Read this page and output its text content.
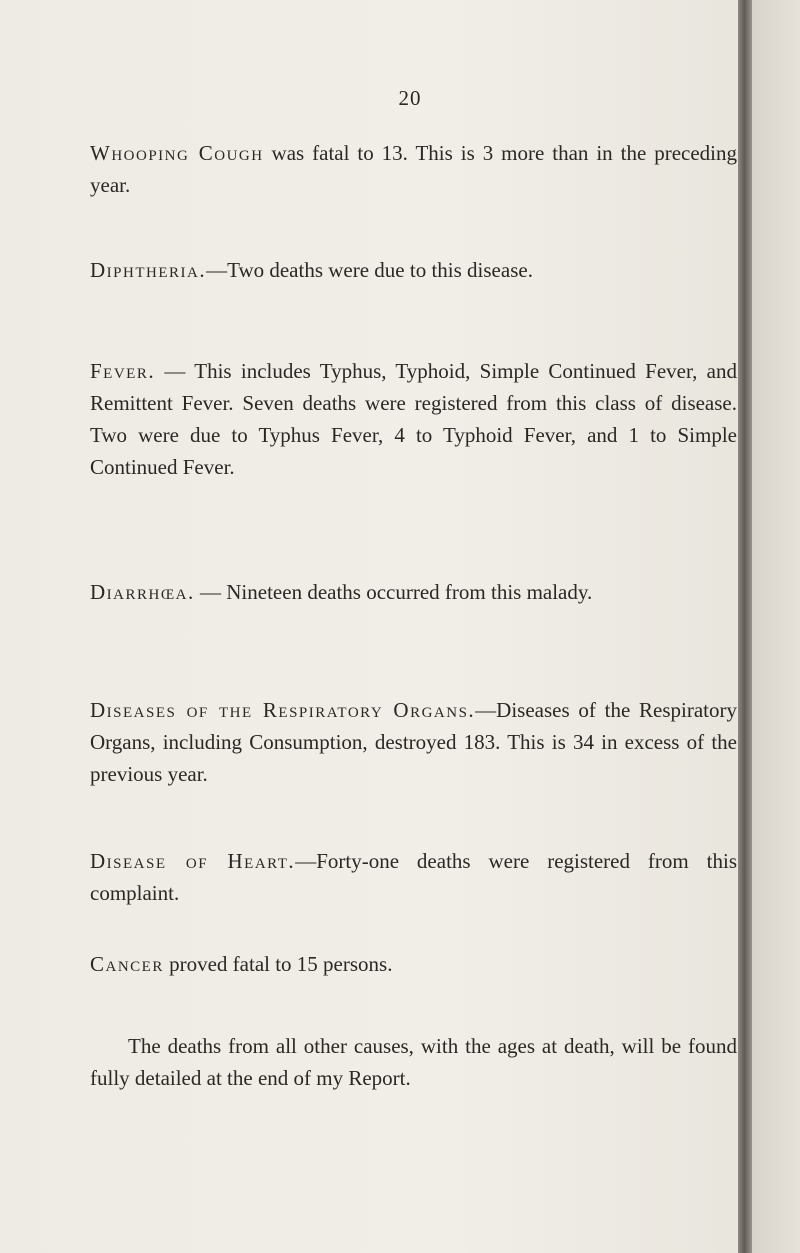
20

Whooping Cough was fatal to 13. This is 3 more than in the preceding year.

Diphtheria.—Two deaths were due to this disease.

Fever. — This includes Typhus, Typhoid, Simple Continued Fever, and Remittent Fever. Seven deaths were registered from this class of disease. Two were due to Typhus Fever, 4 to Typhoid Fever, and 1 to Simple Continued Fever.

Diarrhœa. — Nineteen deaths occurred from this malady.

Diseases of the Respiratory Organs.—Diseases of the Respiratory Organs, including Consumption, destroyed 183. This is 34 in excess of the previous year.

Disease of Heart.—Forty-one deaths were registered from this complaint.

Cancer proved fatal to 15 persons.

The deaths from all other causes, with the ages at death, will be found fully detailed at the end of my Report.
